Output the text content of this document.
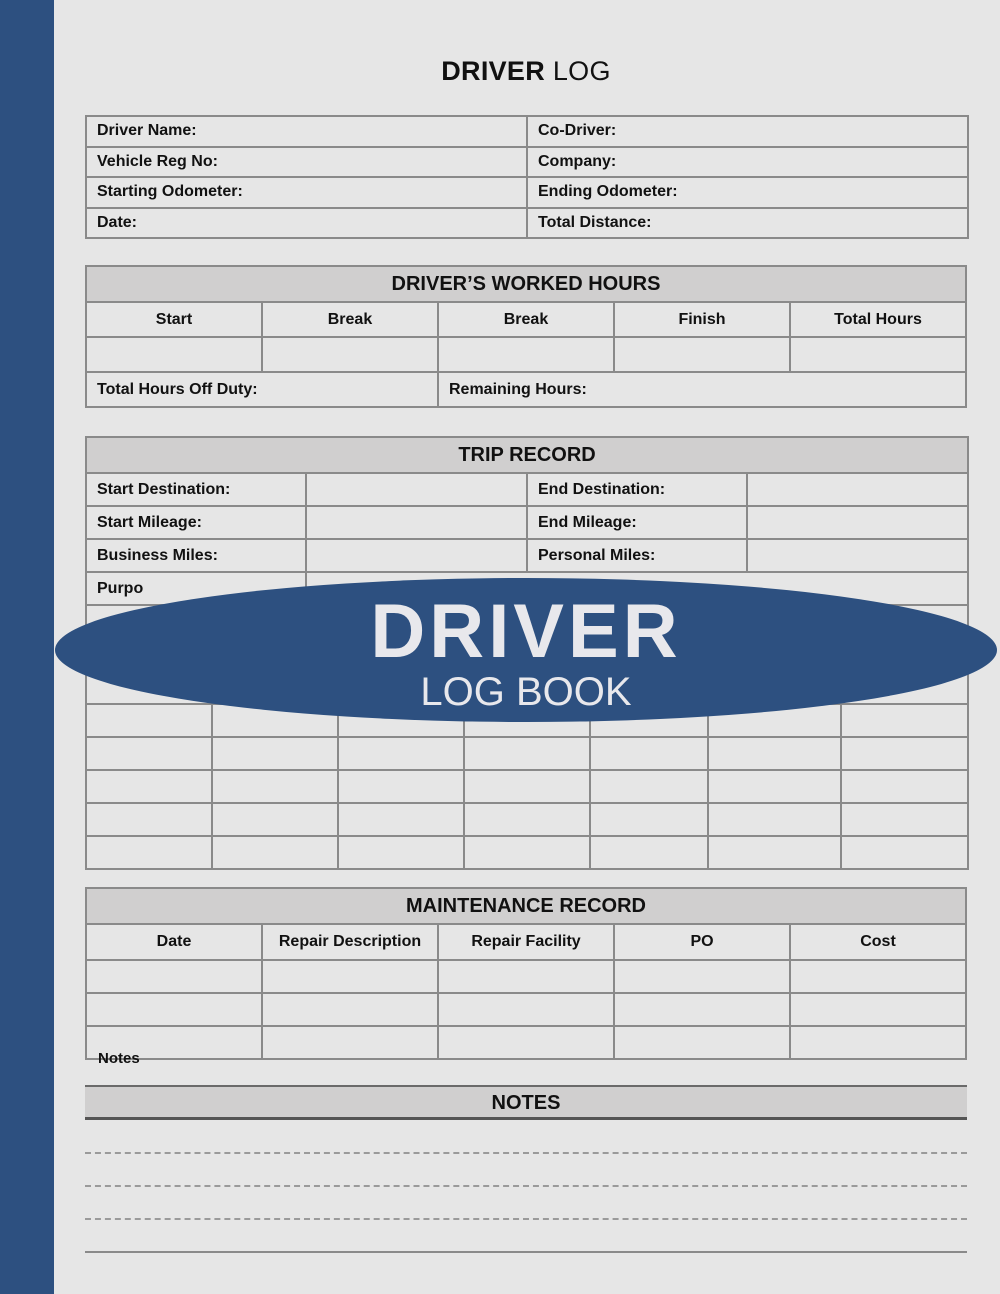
DRIVER LOG
Driver Name:	Co-Driver:
Vehicle Reg No:	Company:
Starting Odometer:	Ending Odometer:
Date:	Total Distance:
DRIVER’S WORKED HOURS				
Start	Break	Break	Finish	Total Hours

Total Hours Off Duty:		Remaining Hours:		
TRIP RECORD			
Start Destination:		End Destination:	
Start Mileage:		End Mileage:	
Business Miles:		Personal Miles:	
Purpo			

MAINTENANCE RECORD				
Date	Repair Description	Repair Facility	PO	Cost

Notes
NOTES
DRIVER
LOG BOOK
